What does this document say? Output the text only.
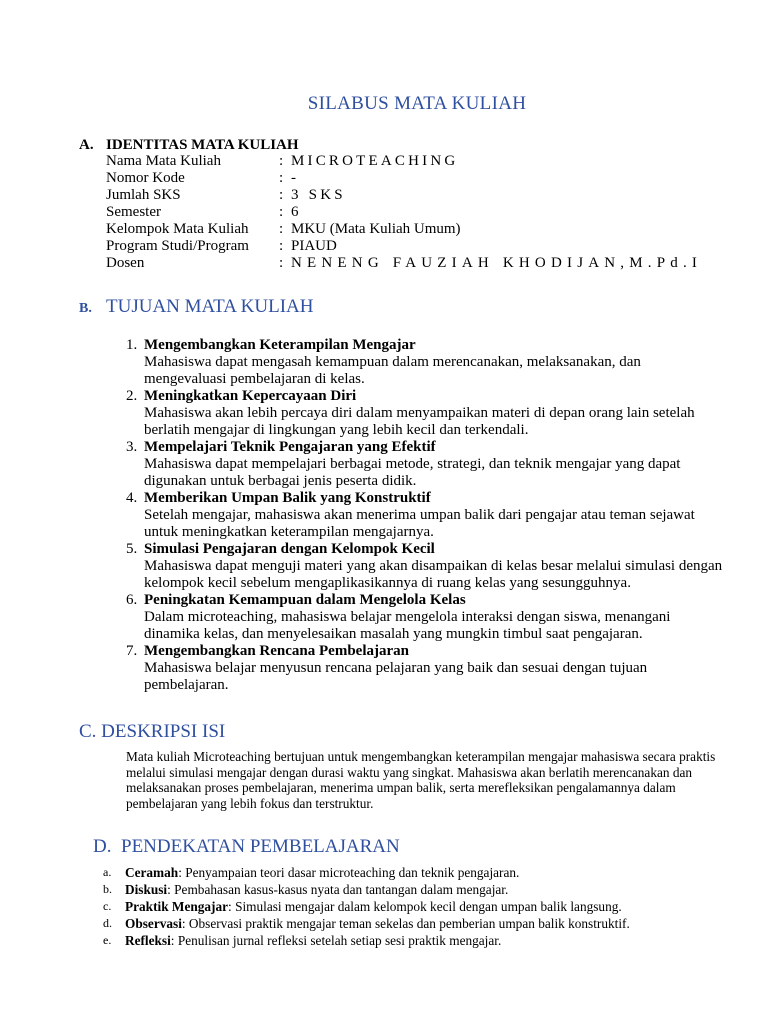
SILABUS MATA KULIAH
A. IDENTITAS MATA KULIAH
Nama Mata Kuliah	: MICROTEACHING
Nomor Kode	: -
Jumlah SKS	: 3 SKS
Semester	: 6
Kelompok Mata Kuliah : MKU (Mata Kuliah Umum)
Program Studi/Program : PIAUD
Dosen	: NENENG FAUZIAH KHODIJAN,M.Pd.I
B. TUJUAN MATA KULIAH
1. Mengembangkan Keterampilan Mengajar
Mahasiswa dapat mengasah kemampuan dalam merencanakan, melaksanakan, dan mengevaluasi pembelajaran di kelas.
2. Meningkatkan Kepercayaan Diri
Mahasiswa akan lebih percaya diri dalam menyampaikan materi di depan orang lain setelah berlatih mengajar di lingkungan yang lebih kecil dan terkendali.
3. Mempelajari Teknik Pengajaran yang Efektif
Mahasiswa dapat mempelajari berbagai metode, strategi, dan teknik mengajar yang dapat digunakan untuk berbagai jenis peserta didik.
4. Memberikan Umpan Balik yang Konstruktif
Setelah mengajar, mahasiswa akan menerima umpan balik dari pengajar atau teman sejawat untuk meningkatkan keterampilan mengajarnya.
5. Simulasi Pengajaran dengan Kelompok Kecil
Mahasiswa dapat menguji materi yang akan disampaikan di kelas besar melalui simulasi dengan kelompok kecil sebelum mengaplikasikannya di ruang kelas yang sesungguhnya.
6. Peningkatan Kemampuan dalam Mengelola Kelas
Dalam microteaching, mahasiswa belajar mengelola interaksi dengan siswa, menangani dinamika kelas, dan menyelesaikan masalah yang mungkin timbul saat pengajaran.
7. Mengembangkan Rencana Pembelajaran
Mahasiswa belajar menyusun rencana pelajaran yang baik dan sesuai dengan tujuan pembelajaran.
C. DESKRIPSI ISI
Mata kuliah Microteaching bertujuan untuk mengembangkan keterampilan mengajar mahasiswa secara praktis melalui simulasi mengajar dengan durasi waktu yang singkat. Mahasiswa akan berlatih merencanakan dan melaksanakan proses pembelajaran, menerima umpan balik, serta merefleksikan pengalamannya dalam pembelajaran yang lebih fokus dan terstruktur.
D. PENDEKATAN PEMBELAJARAN
a. Ceramah: Penyampaian teori dasar microteaching dan teknik pengajaran.
b. Diskusi: Pembahasan kasus-kasus nyata dan tantangan dalam mengajar.
c. Praktik Mengajar: Simulasi mengajar dalam kelompok kecil dengan umpan balik langsung.
d. Observasi: Observasi praktik mengajar teman sekelas dan pemberian umpan balik konstruktif.
e. Refleksi: Penulisan jurnal refleksi setelah setiap sesi praktik mengajar.
